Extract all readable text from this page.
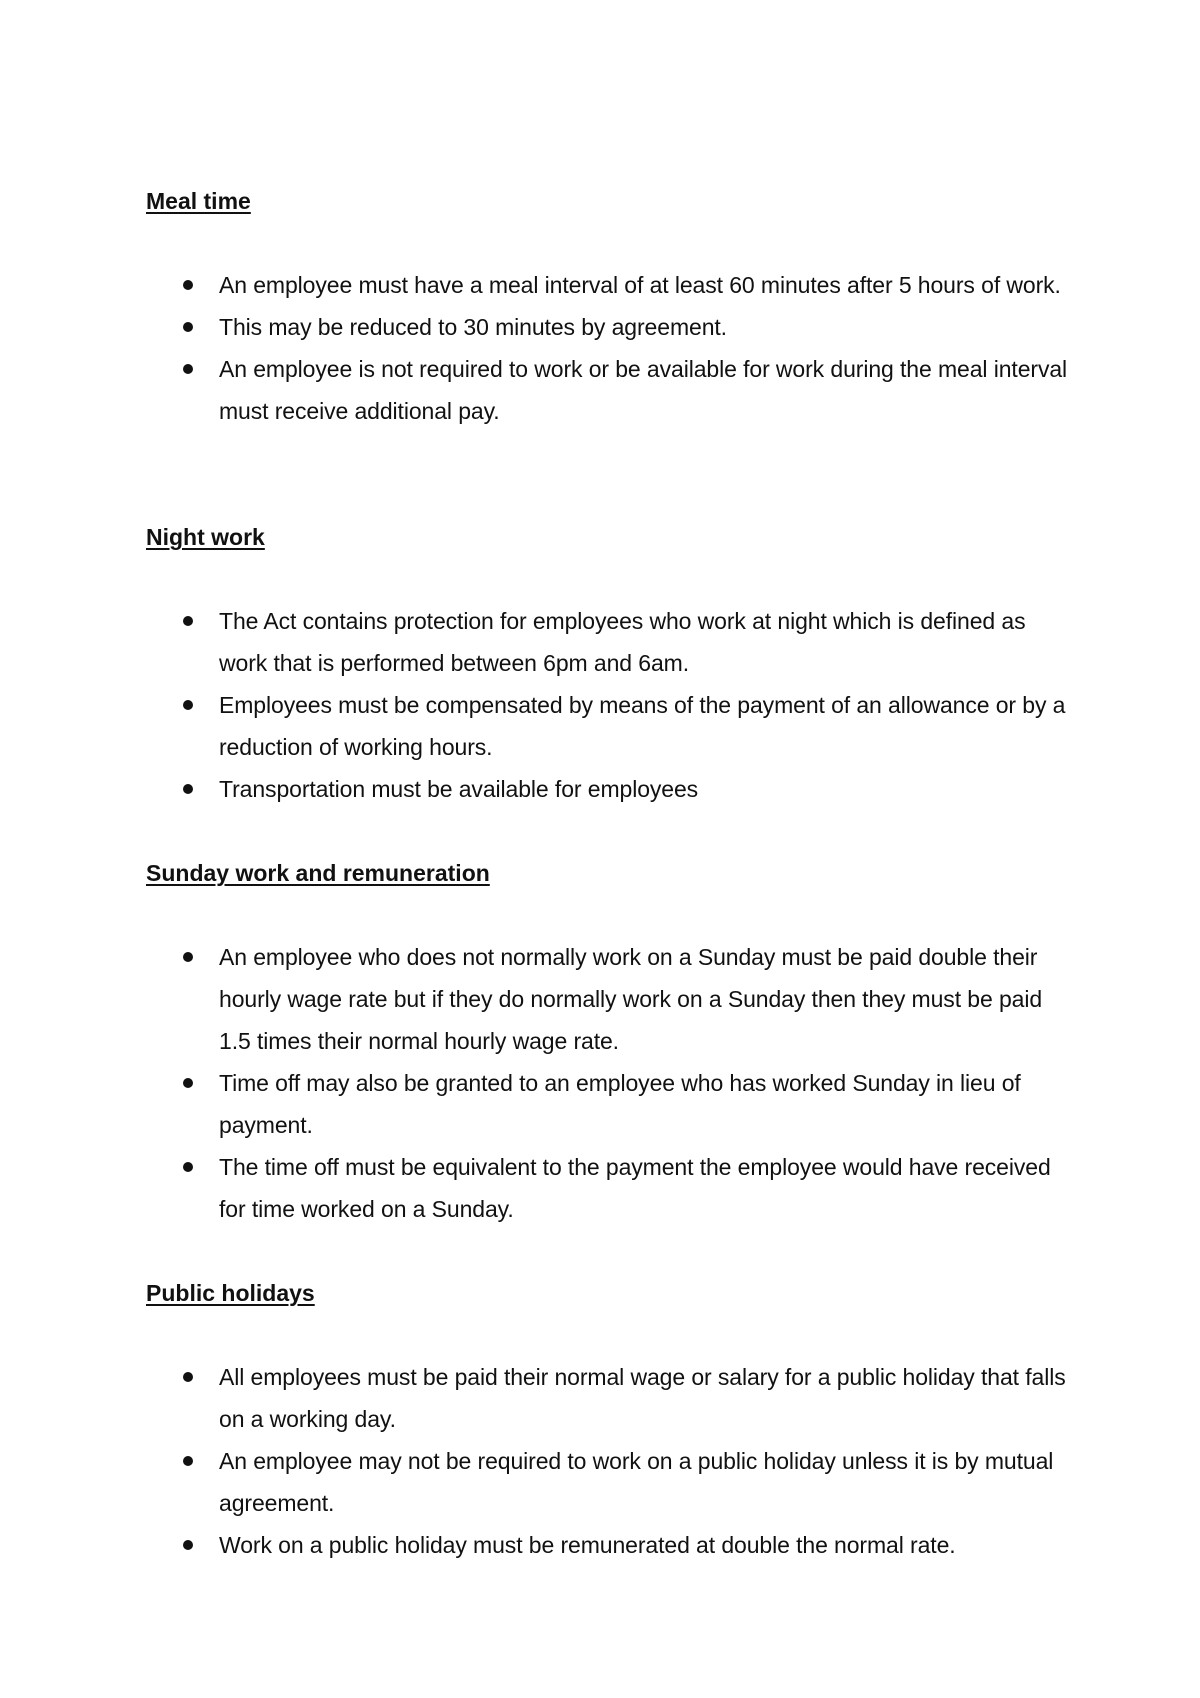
Meal time
An employee must have a meal interval of at least 60 minutes after 5 hours of work.
This may be reduced to 30 minutes by agreement.
An employee is not required to work or be available for work during the meal interval must receive additional pay.
Night work
The Act contains protection for employees who work at night which is defined as work that is performed between 6pm and 6am.
Employees must be compensated by means of the payment of an allowance or by a reduction of working hours.
Transportation must be available for employees
Sunday work and remuneration
An employee who does not normally work on a Sunday must be paid double their hourly wage rate but if they do normally work on a Sunday then they must be paid 1.5 times their normal hourly wage rate.
Time off may also be granted to an employee who has worked Sunday in lieu of payment.
The time off must be equivalent to the payment the employee would have received for time worked on a Sunday.
Public holidays
All employees must be paid their normal wage or salary for a public holiday that falls on a working day.
An employee may not be required to work on a public holiday unless it is by mutual agreement.
Work on a public holiday must be remunerated at double the normal rate.
